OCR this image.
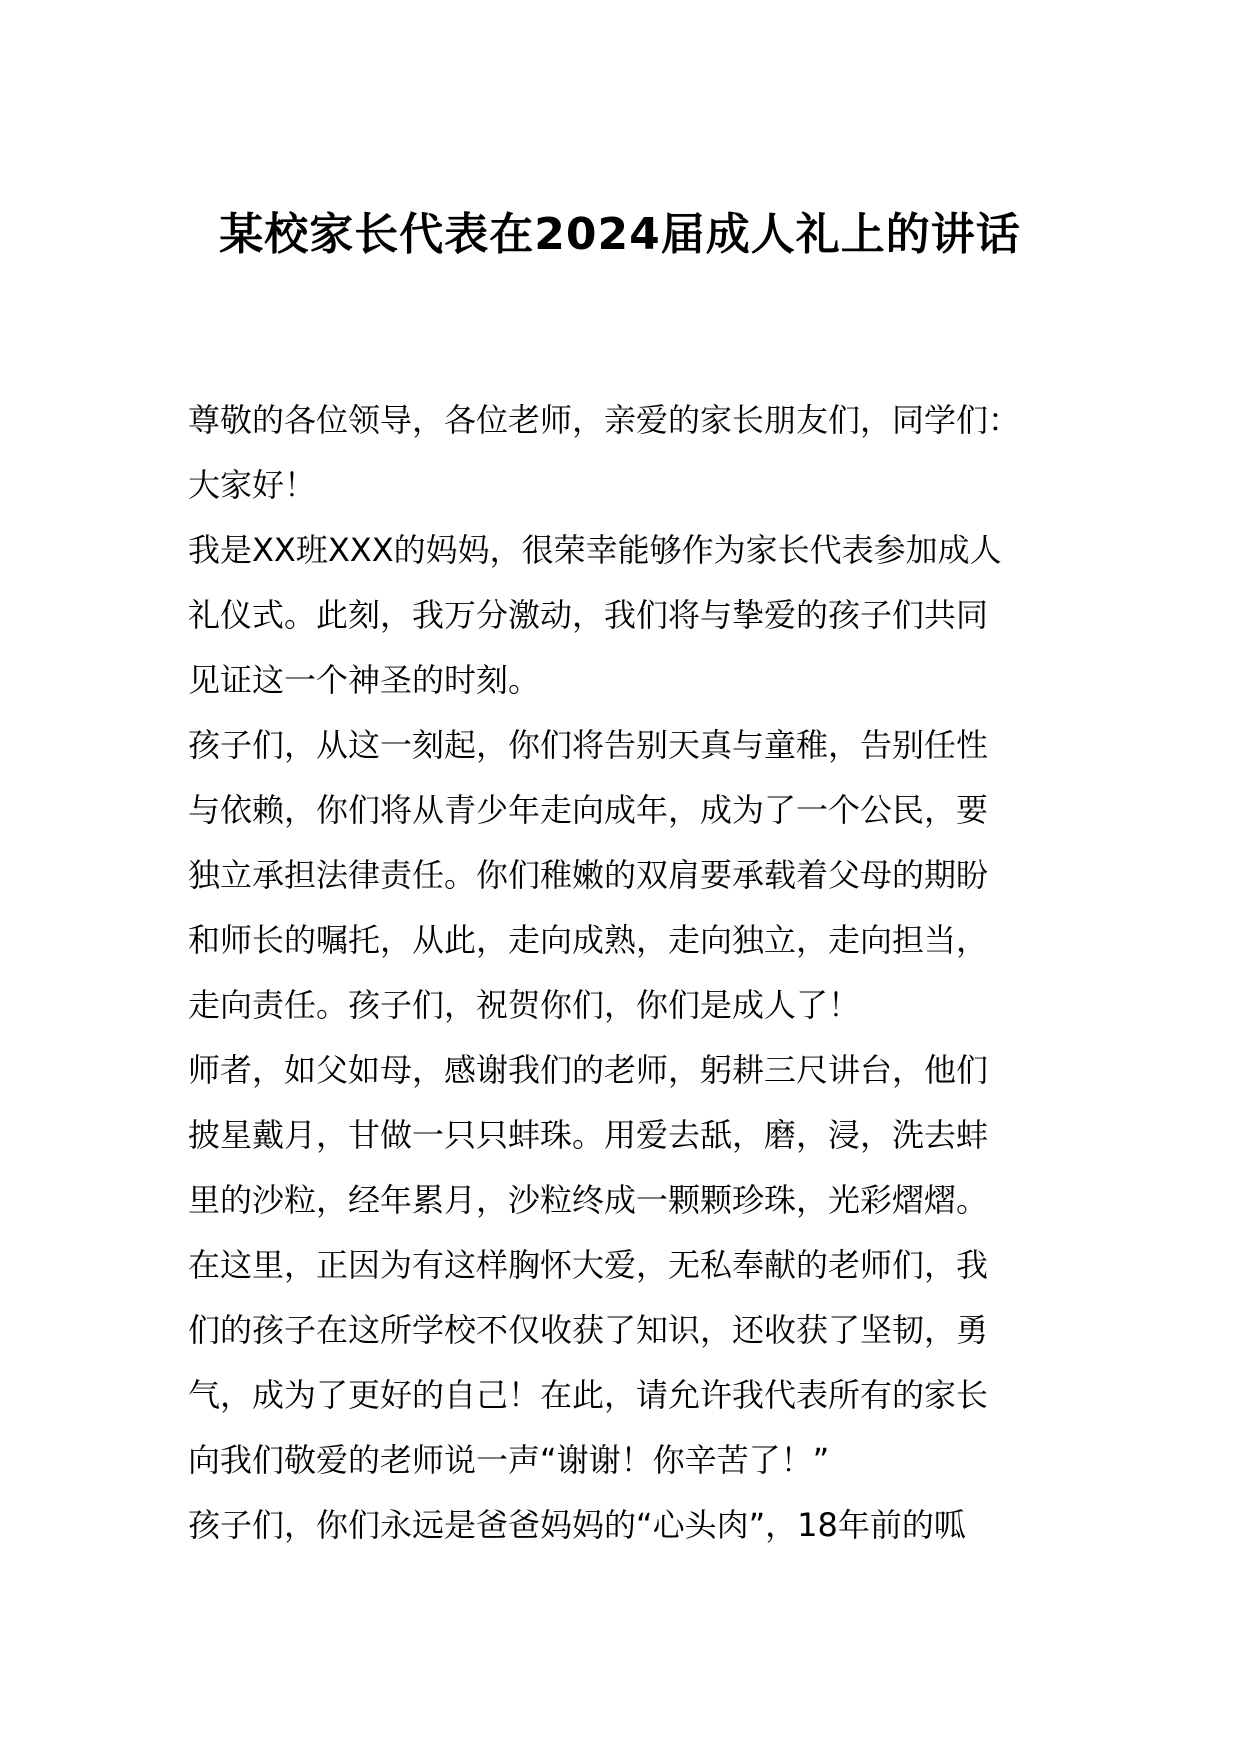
某校家长代表在2024届成人礼上的讲话
尊敬的各位领导，各位老师，亲爱的家长朋友们，同学们：
大家好！
我是XX班XXX的妈妈，很荣幸能够作为家长代表参加成人
礼仪式。此刻，我万分激动，我们将与挚爱的孩子们共同
见证这一个神圣的时刻。
孩子们，从这一刻起，你们将告别天真与童稚，告别任性
与依赖，你们将从青少年走向成年，成为了一个公民，要
独立承担法律责任。你们稚嫩的双肩要承载着父母的期盼
和师长的嘱托，从此，走向成熟，走向独立，走向担当，
走向责任。孩子们，祝贺你们，你们是成人了！
师者，如父如母，感谢我们的老师，躬耕三尺讲台，他们
披星戴月，甘做一只只蚌珠。用爱去舐，磨，浸，洗去蚌
里的沙粒，经年累月，沙粒终成一颗颗珍珠，光彩熠熠。
在这里，正因为有这样胸怀大爱，无私奉献的老师们，我
们的孩子在这所学校不仅收获了知识，还收获了坚韧，勇
气，成为了更好的自己！在此，请允许我代表所有的家长
向我们敬爱的老师说一声“谢谢！你辛苦了！”
孩子们，你们永远是爸爸妈妈的“心头肉”，18年前的呱
